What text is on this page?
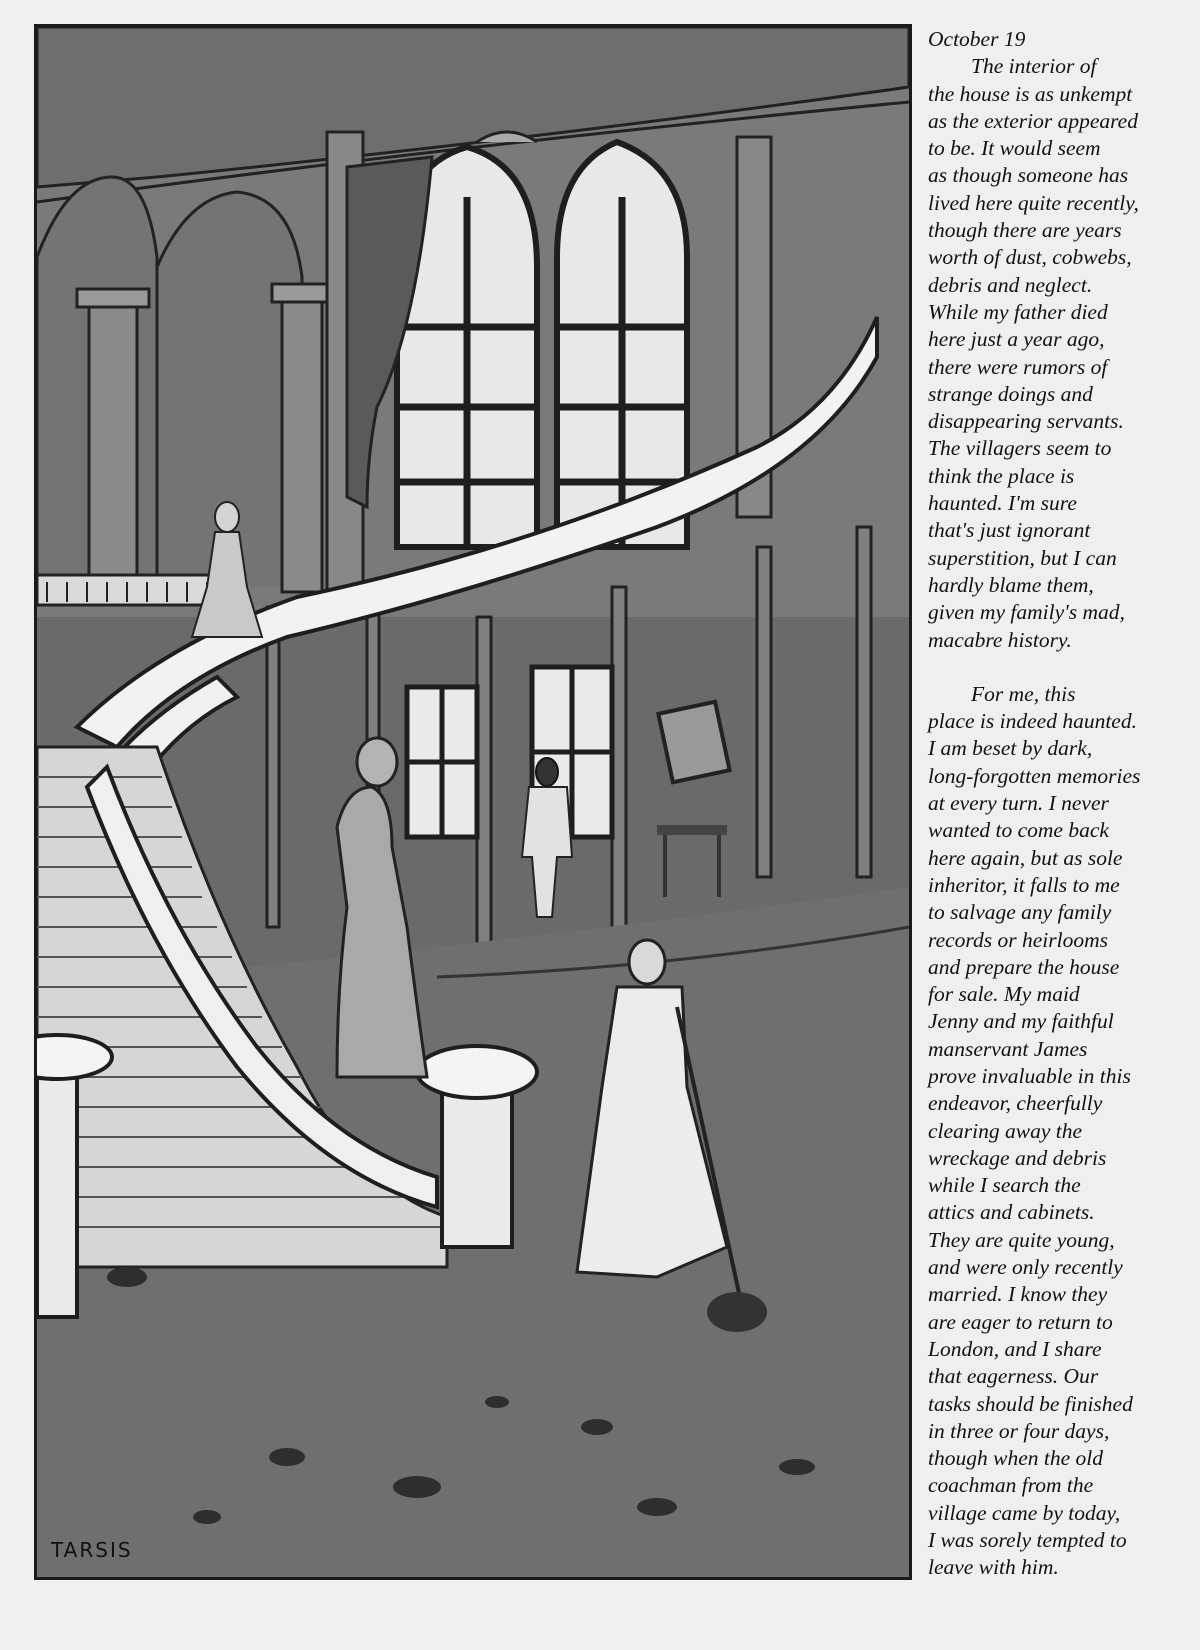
TARSIS
October 19
The interior of
the house is as unkempt
as the exterior appeared
to be. It would seem
as though someone has
lived here quite recently,
though there are years
worth of dust, cobwebs,
debris and neglect.
While my father died
here just a year ago,
there were rumors of
strange doings and
disappearing servants.
The villagers seem to
think the place is
haunted. I'm sure
that's just ignorant
superstition, but I can
hardly blame them,
given my family's mad,
macabre history.
For me, this
place is indeed haunted.
I am beset by dark,
long-forgotten memories
at every turn. I never
wanted to come back
here again, but as sole
inheritor, it falls to me
to salvage any family
records or heirlooms
and prepare the house
for sale. My maid
Jenny and my faithful
manservant James
prove invaluable in this
endeavor, cheerfully
clearing away the
wreckage and debris
while I search the
attics and cabinets.
They are quite young,
and were only recently
married. I know they
are eager to return to
London, and I share
that eagerness. Our
tasks should be finished
in three or four days,
though when the old
coachman from the
village came by today,
I was sorely tempted to
leave with him.
